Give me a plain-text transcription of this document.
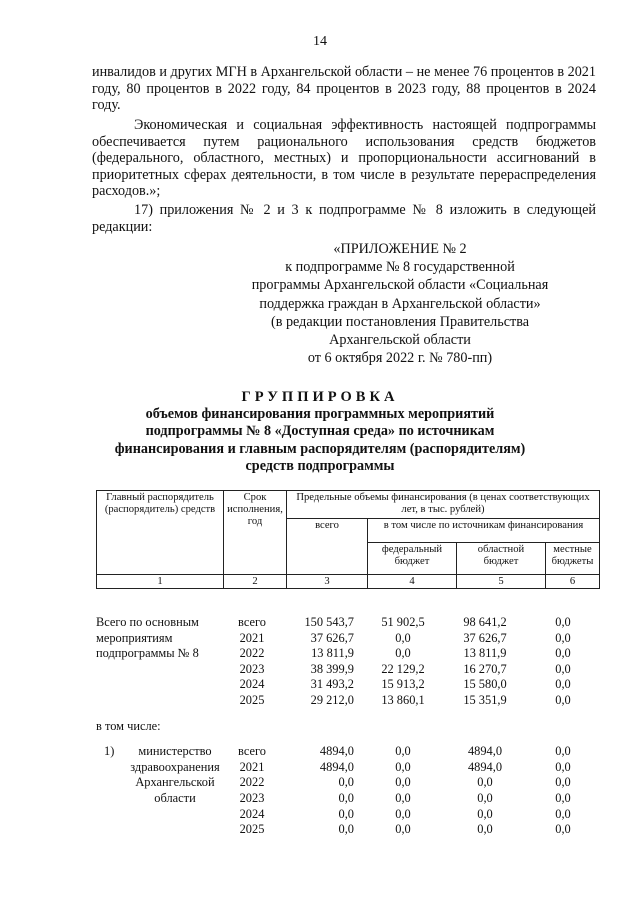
14
инвалидов и других МГН в Архангельской области – не менее 76 процентов в 2021 году, 80 процентов в 2022 году, 84 процентов в 2023 году, 88 процентов в 2024 году.
Экономическая и социальная эффективность настоящей подпрограммы обеспечивается путем рационального использования средств бюджетов (федерального, областного, местных) и пропорциональности ассигнований в приоритетных сферах деятельности, в том числе в результате перераспределения расходов.»;
17) приложения № 2 и 3 к подпрограмме № 8 изложить в следующей редакции:
«ПРИЛОЖЕНИЕ № 2
к подпрограмме № 8 государственной
программы Архангельской области «Социальная
поддержка граждан в Архангельской области»
(в редакции постановления Правительства
Архангельской области
от 6 октября 2022 г. № 780-пп)
ГРУППИРОВКА
объемов финансирования программных мероприятий
подпрограммы № 8 «Доступная среда» по источникам
финансирования и главным распорядителям (распорядителям)
средств подпрограммы
Главный распорядитель (распорядитель) средств	Срок исполнения, год	Предельные объемы финансирования (в ценах соответствующих лет, в тыс. рублей)			
		всего	в том числе по источникам финансирования		
			федеральный бюджет	областной бюджет	местные бюджеты
1	2	3	4	5	6
Всего по основным мероприятиям подпрограммы № 8	всего	150 543,7	51 902,5	98 641,2	0,0
	2021	37 626,7	0,0	37 626,7	0,0
	2022	13 811,9	0,0	13 811,9	0,0
	2023	38 399,9	22 129,2	16 270,7	0,0
	2024	31 493,2	15 913,2	15 580,0	0,0
	2025	29 212,0	13 860,1	15 351,9	0,0
в том числе:					

1) министерство здравоохранения Архангельской области	всего	4894,0	0,0	4894,0	0,0
	2021	4894,0	0,0	4894,0	0,0
	2022	0,0	0,0	0,0	0,0
	2023	0,0	0,0	0,0	0,0
	2024	0,0	0,0	0,0	0,0
	2025	0,0	0,0	0,0	0,0
